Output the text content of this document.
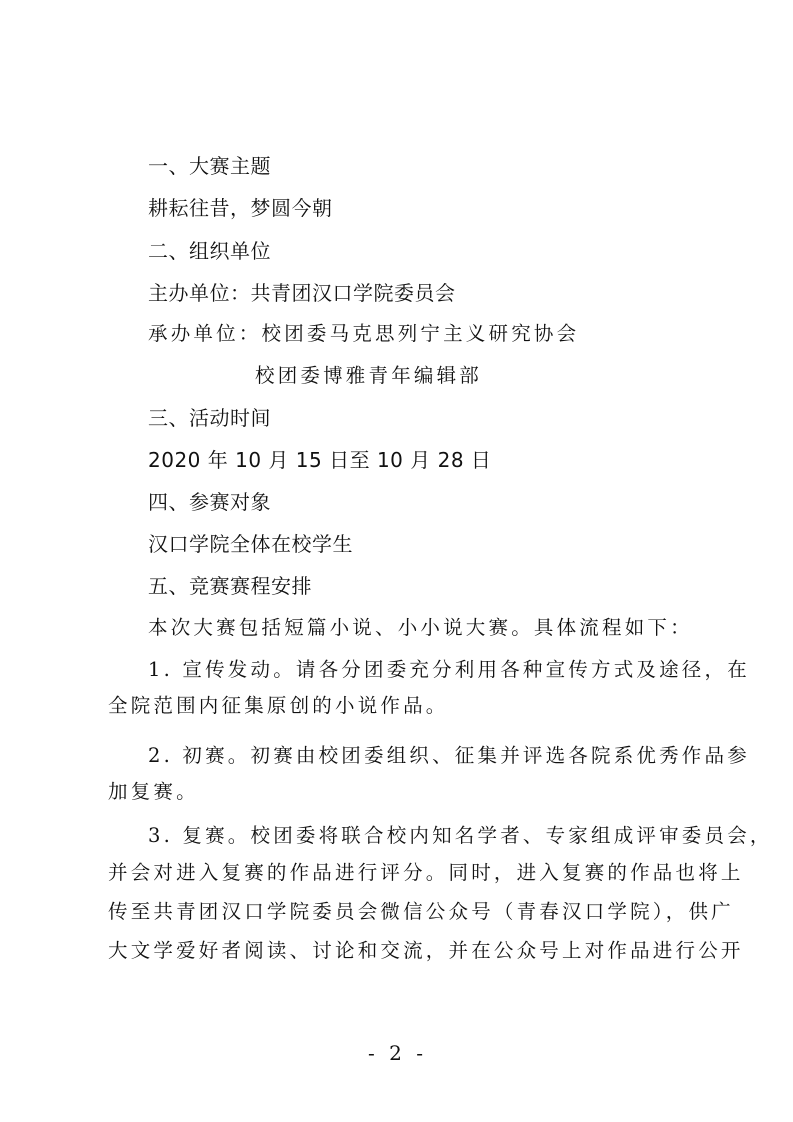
一、大赛主题

耕耘往昔，梦圆今朝

二、组织单位

主办单位：共青团汉口学院委员会

承办单位：校团委马克思列宁主义研究协会

校团委博雅青年编辑部

三、活动时间

2020 年 10 月 15 日至 10 月 28 日

四、参赛对象

汉口学院全体在校学生

五、竞赛赛程安排

本次大赛包括短篇小说、小小说大赛。具体流程如下：

1. 宣传发动。请各分团委充分利用各种宣传方式及途径，在

全院范围内征集原创的小说作品。

2. 初赛。初赛由校团委组织、征集并评选各院系优秀作品参

加复赛。

3. 复赛。校团委将联合校内知名学者、专家组成评审委员会，

并会对进入复赛的作品进行评分。同时，进入复赛的作品也将上

传至共青团汉口学院委员会微信公众号（青春汉口学院），供广

大文学爱好者阅读、讨论和交流，并在公众号上对作品进行公开

- 2 -
